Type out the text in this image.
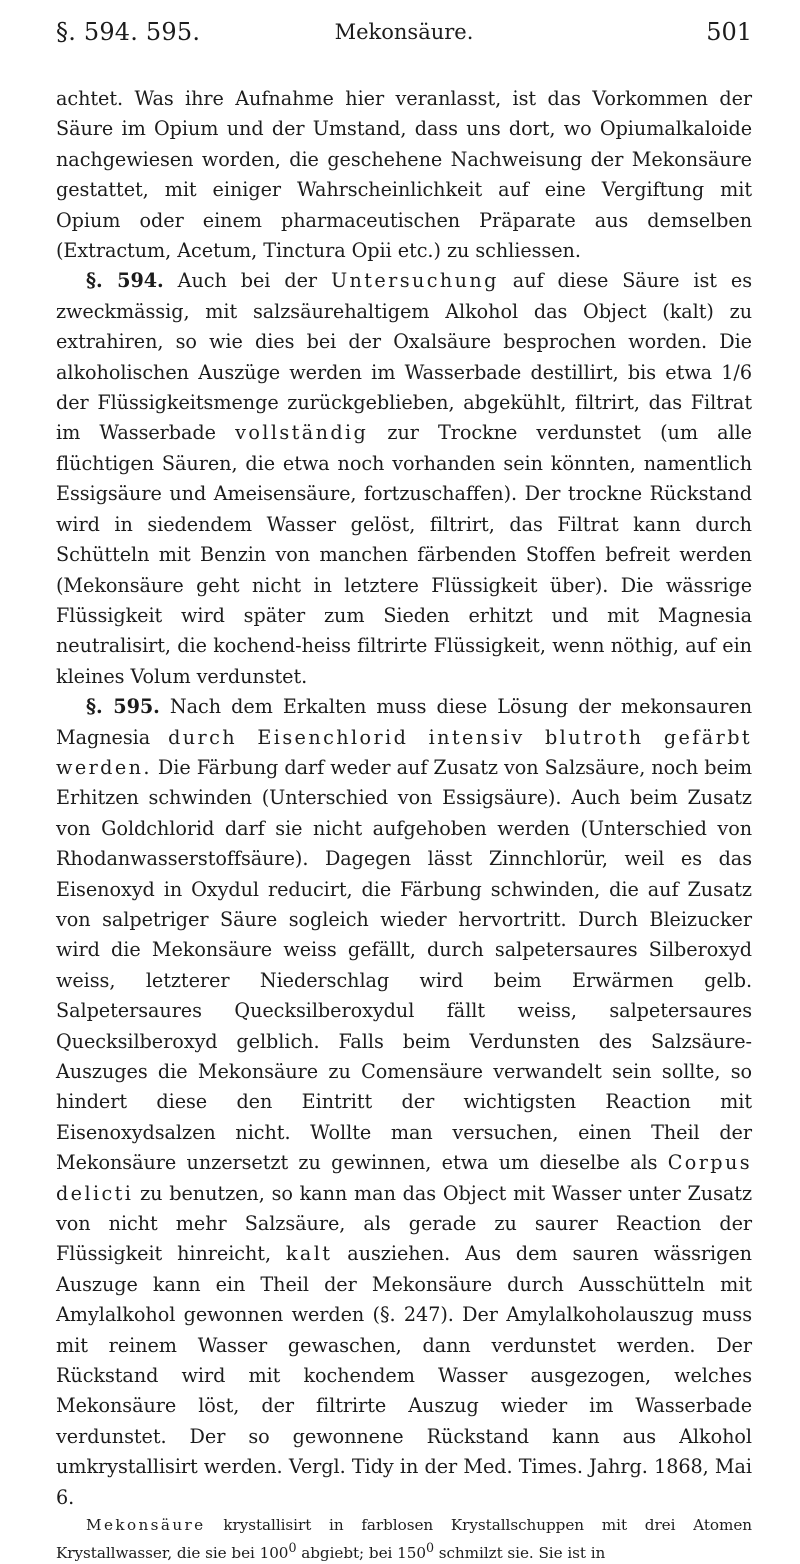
§. 594. 595.	Mekonsäure.	501

achtet. Was ihre Aufnahme hier veranlasst, ist das Vorkommen der Säure im Opium und der Umstand, dass uns dort, wo Opiumalkaloide nachgewiesen worden, die geschehene Nachweisung der Mekonsäure gestattet, mit einiger Wahrscheinlichkeit auf eine Vergiftung mit Opium oder einem pharmaceutischen Präparate aus demselben (Extractum, Acetum, Tinctura Opii etc.) zu schliessen.

§. 594. Auch bei der Untersuchung auf diese Säure ist es zweckmässig, mit salzsäurehaltigem Alkohol das Object (kalt) zu extrahiren, so wie dies bei der Oxalsäure besprochen worden. Die alkoholischen Auszüge werden im Wasserbade destillirt, bis etwa 1/6 der Flüssigkeitsmenge zurückgeblieben, abgekühlt, filtrirt, das Filtrat im Wasserbade vollständig zur Trockne verdunstet (um alle flüchtigen Säuren, die etwa noch vorhanden sein könnten, namentlich Essigsäure und Ameisensäure, fortzuschaffen). Der trockne Rückstand wird in siedendem Wasser gelöst, filtrirt, das Filtrat kann durch Schütteln mit Benzin von manchen färbenden Stoffen befreit werden (Mekonsäure geht nicht in letztere Flüssigkeit über). Die wässrige Flüssigkeit wird später zum Sieden erhitzt und mit Magnesia neutralisirt, die kochend-heiss filtrirte Flüssigkeit, wenn nöthig, auf ein kleines Volum verdunstet.

§. 595. Nach dem Erkalten muss diese Lösung der mekonsauren Magnesia durch Eisenchlorid intensiv blutroth gefärbt werden. Die Färbung darf weder auf Zusatz von Salzsäure, noch beim Erhitzen schwinden (Unterschied von Essigsäure). Auch beim Zusatz von Goldchlorid darf sie nicht aufgehoben werden (Unterschied von Rhodanwasserstoffsäure). Dagegen lässt Zinnchlorür, weil es das Eisenoxyd in Oxydul reducirt, die Färbung schwinden, die auf Zusatz von salpetriger Säure sogleich wieder hervortritt. Durch Bleizucker wird die Mekonsäure weiss gefällt, durch salpetersaures Silberoxyd weiss, letzterer Niederschlag wird beim Erwärmen gelb. Salpetersaures Quecksilberoxydul fällt weiss, salpetersaures Quecksilberoxyd gelblich. Falls beim Verdunsten des Salzsäure-Auszuges die Mekonsäure zu Comensäure verwandelt sein sollte, so hindert diese den Eintritt der wichtigsten Reaction mit Eisenoxydsalzen nicht. Wollte man versuchen, einen Theil der Mekonsäure unzersetzt zu gewinnen, etwa um dieselbe als Corpus delicti zu benutzen, so kann man das Object mit Wasser unter Zusatz von nicht mehr Salzsäure, als gerade zu saurer Reaction der Flüssigkeit hinreicht, kalt ausziehen. Aus dem sauren wässrigen Auszuge kann ein Theil der Mekonsäure durch Ausschütteln mit Amylalkohol gewonnen werden (§. 247). Der Amylalkoholauszug muss mit reinem Wasser gewaschen, dann verdunstet werden. Der Rückstand wird mit kochendem Wasser ausgezogen, welches Mekonsäure löst, der filtrirte Auszug wieder im Wasserbade verdunstet. Der so gewonnene Rückstand kann aus Alkohol umkrystallisirt werden. Vergl. Tidy in der Med. Times. Jahrg. 1868, Mai 6.

Mekonsäure krystallisirt in farblosen Krystallschuppen mit drei Atomen Krystallwasser, die sie bei $100^0$ abgiebt; bei $150^0$ schmilzt sie. Sie ist in
